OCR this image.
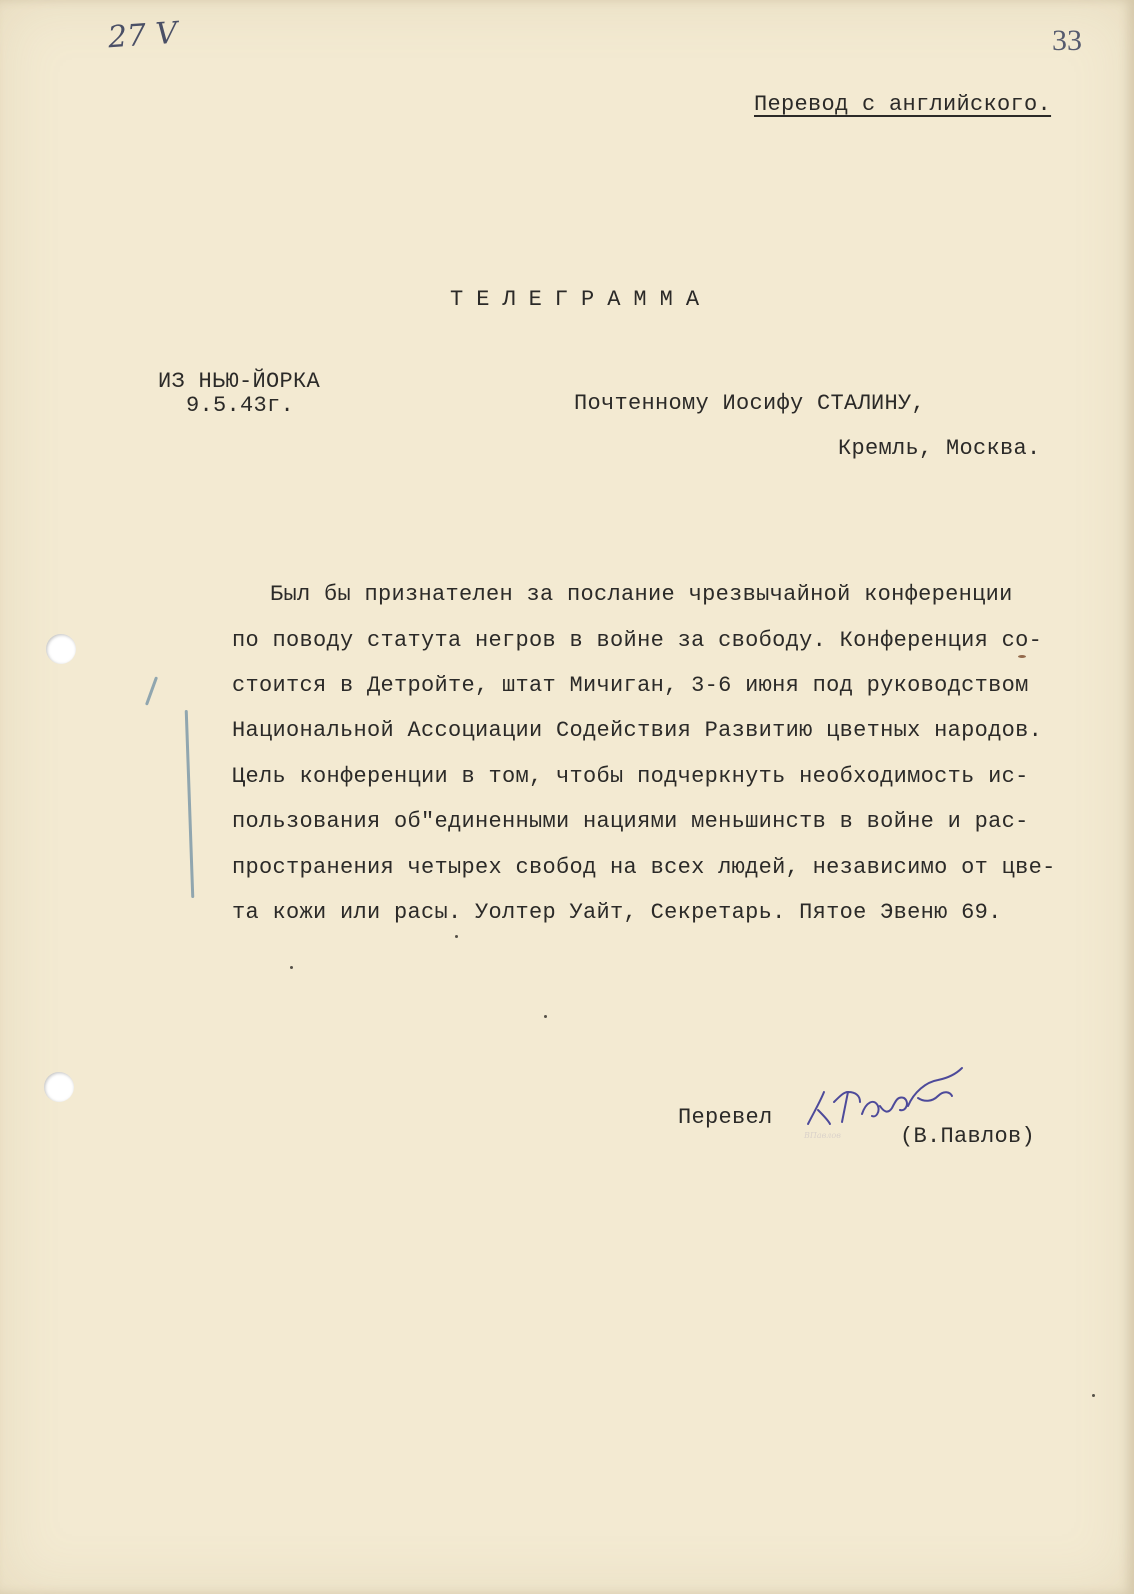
27 V	33
Перевод с английского.
ТЕЛЕГРАММА
ИЗ НЬЮ-ЙОРКА
9.5.43г.	Почтенному Иосифу СТАЛИНУ,
Кремль, Москва.
Был бы признателен за послание чрезвычайной конференции
по поводу статута негров в войне за свободу. Конференция со-
стоится в Детройте, штат Мичиган, 3-6 июня под руководством
Национальной Ассоциации Содействия Развитию цветных народов.
Цель конференции в том, чтобы подчеркнуть необходимость ис-
пользования об"единенными нациями меньшинств в войне и рас-
пространения четырех свобод на всех людей, независимо от цве-
та кожи или расы. Уолтер Уайт, Секретарь. Пятое Эвеню 69.
Перевел
ВПавлов	(В.Павлов)
